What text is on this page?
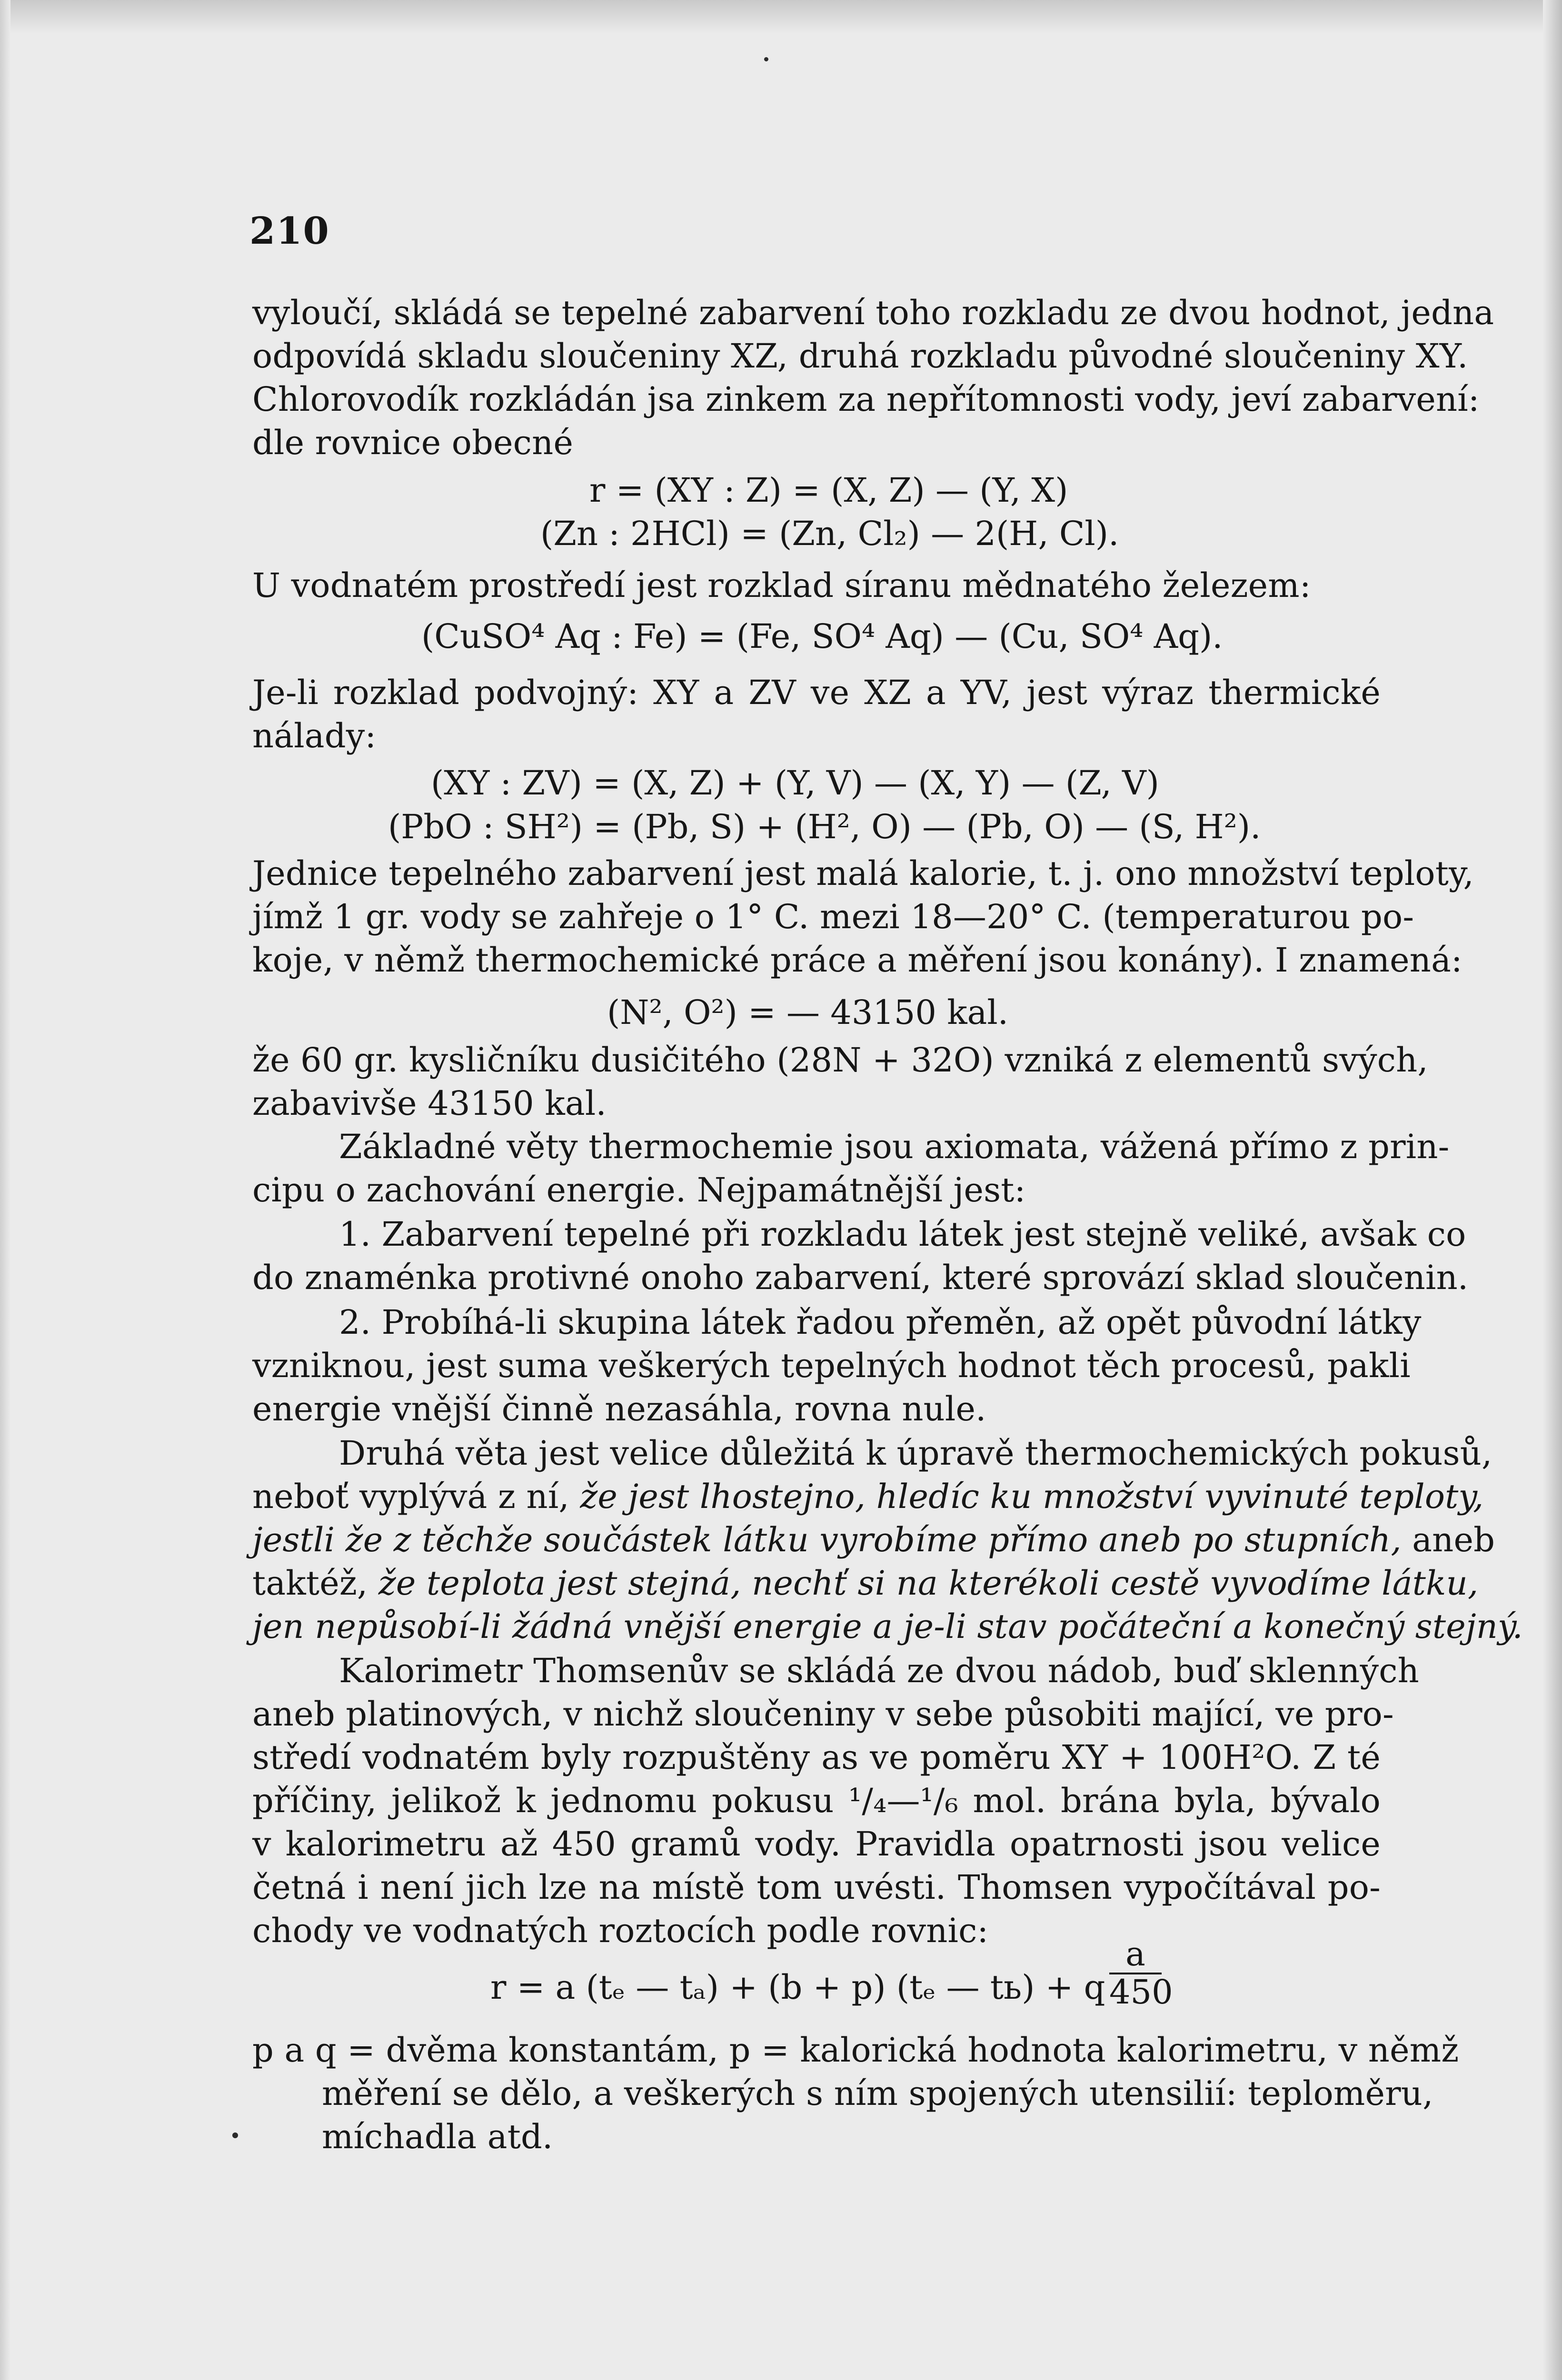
210
vyloučí, skládá se tepelné zabarvení toho rozkladu ze dvou hodnot, jedna
odpovídá skladu sloučeniny XZ, druhá rozkladu původné sloučeniny XY.
Chlorovodík rozkládán jsa zinkem za nepřítomnosti vody, jeví zabarvení:
dle rovnice obecné
r = (XY : Z) = (X, Z) — (Y, X)
(Zn : 2HCl) = (Zn, Cl₂) — 2(H, Cl).
U vodnatém prostředí jest rozklad síranu mědnatého železem:
(CuSO⁴ Aq : Fe) = (Fe, SO⁴ Aq) — (Cu, SO⁴ Aq).
Je-li rozklad podvojný: XY a ZV ve XZ a YV, jest výraz thermické
nálady:
(XY : ZV) = (X, Z) + (Y, V) — (X, Y) — (Z, V)
(PbO : SH²) = (Pb, S) + (H², O) — (Pb, O) — (S, H²).
Jednice tepelného zabarvení jest malá kalorie, t. j. ono množství teploty,
jímž 1 gr. vody se zahřeje o 1° C. mezi 18—20° C. (temperaturou po-
koje, v němž thermochemické práce a měření jsou konány). I znamená:
(N², O²) = — 43150 kal.
že 60 gr. kysličníku dusičitého (28N + 32O) vzniká z elementů svých,
zabavivše 43150 kal.
Základné věty thermochemie jsou axiomata, vážená přímo z prin-
cipu o zachování energie. Nejpamátnější jest:
1. Zabarvení tepelné při rozkladu látek jest stejně veliké, avšak co
do znaménka protivné onoho zabarvení, které sprovází sklad sloučenin.
2. Probíhá-li skupina látek řadou přeměn, až opět původní látky
vzniknou, jest suma veškerých tepelných hodnot těch procesů, pakli
energie vnější činně nezasáhla, rovna nule.
Druhá věta jest velice důležitá k úpravě thermochemických pokusů,
neboť vyplývá z ní, že jest lhostejno, hledíc ku množství vyvinuté teploty,
jestli že z těchže součástek látku vyrobíme přímo aneb po stupních, aneb
taktéž, že teplota jest stejná, nechť si na kterékoli cestě vyvodíme látku,
jen nepůsobí-li žádná vnější energie a je-li stav počáteční a konečný stejný.
Kalorimetr Thomsenův se skládá ze dvou nádob, buď sklenných
aneb platinových, v nichž sloučeniny v sebe působiti mající, ve pro-
středí vodnatém byly rozpuštěny as ve poměru XY + 100H²O. Z té
příčiny, jelikož k jednomu pokusu ¹/₄—¹/₆ mol. brána byla, bývalo
v kalorimetru až 450 gramů vody. Pravidla opatrnosti jsou velice
četná i není jich lze na místě tom uvésti. Thomsen vypočítával po-
chody ve vodnatých roztocích podle rovnic:
r = a (tₑ — tₐ) + (b + p) (tₑ — tь) + q
a
450
p a q = dvěma konstantám, p = kalorická hodnota kalorimetru, v němž
měření se dělo, a veškerých s ním spojených utensilií: teploměru,
míchadla atd.
